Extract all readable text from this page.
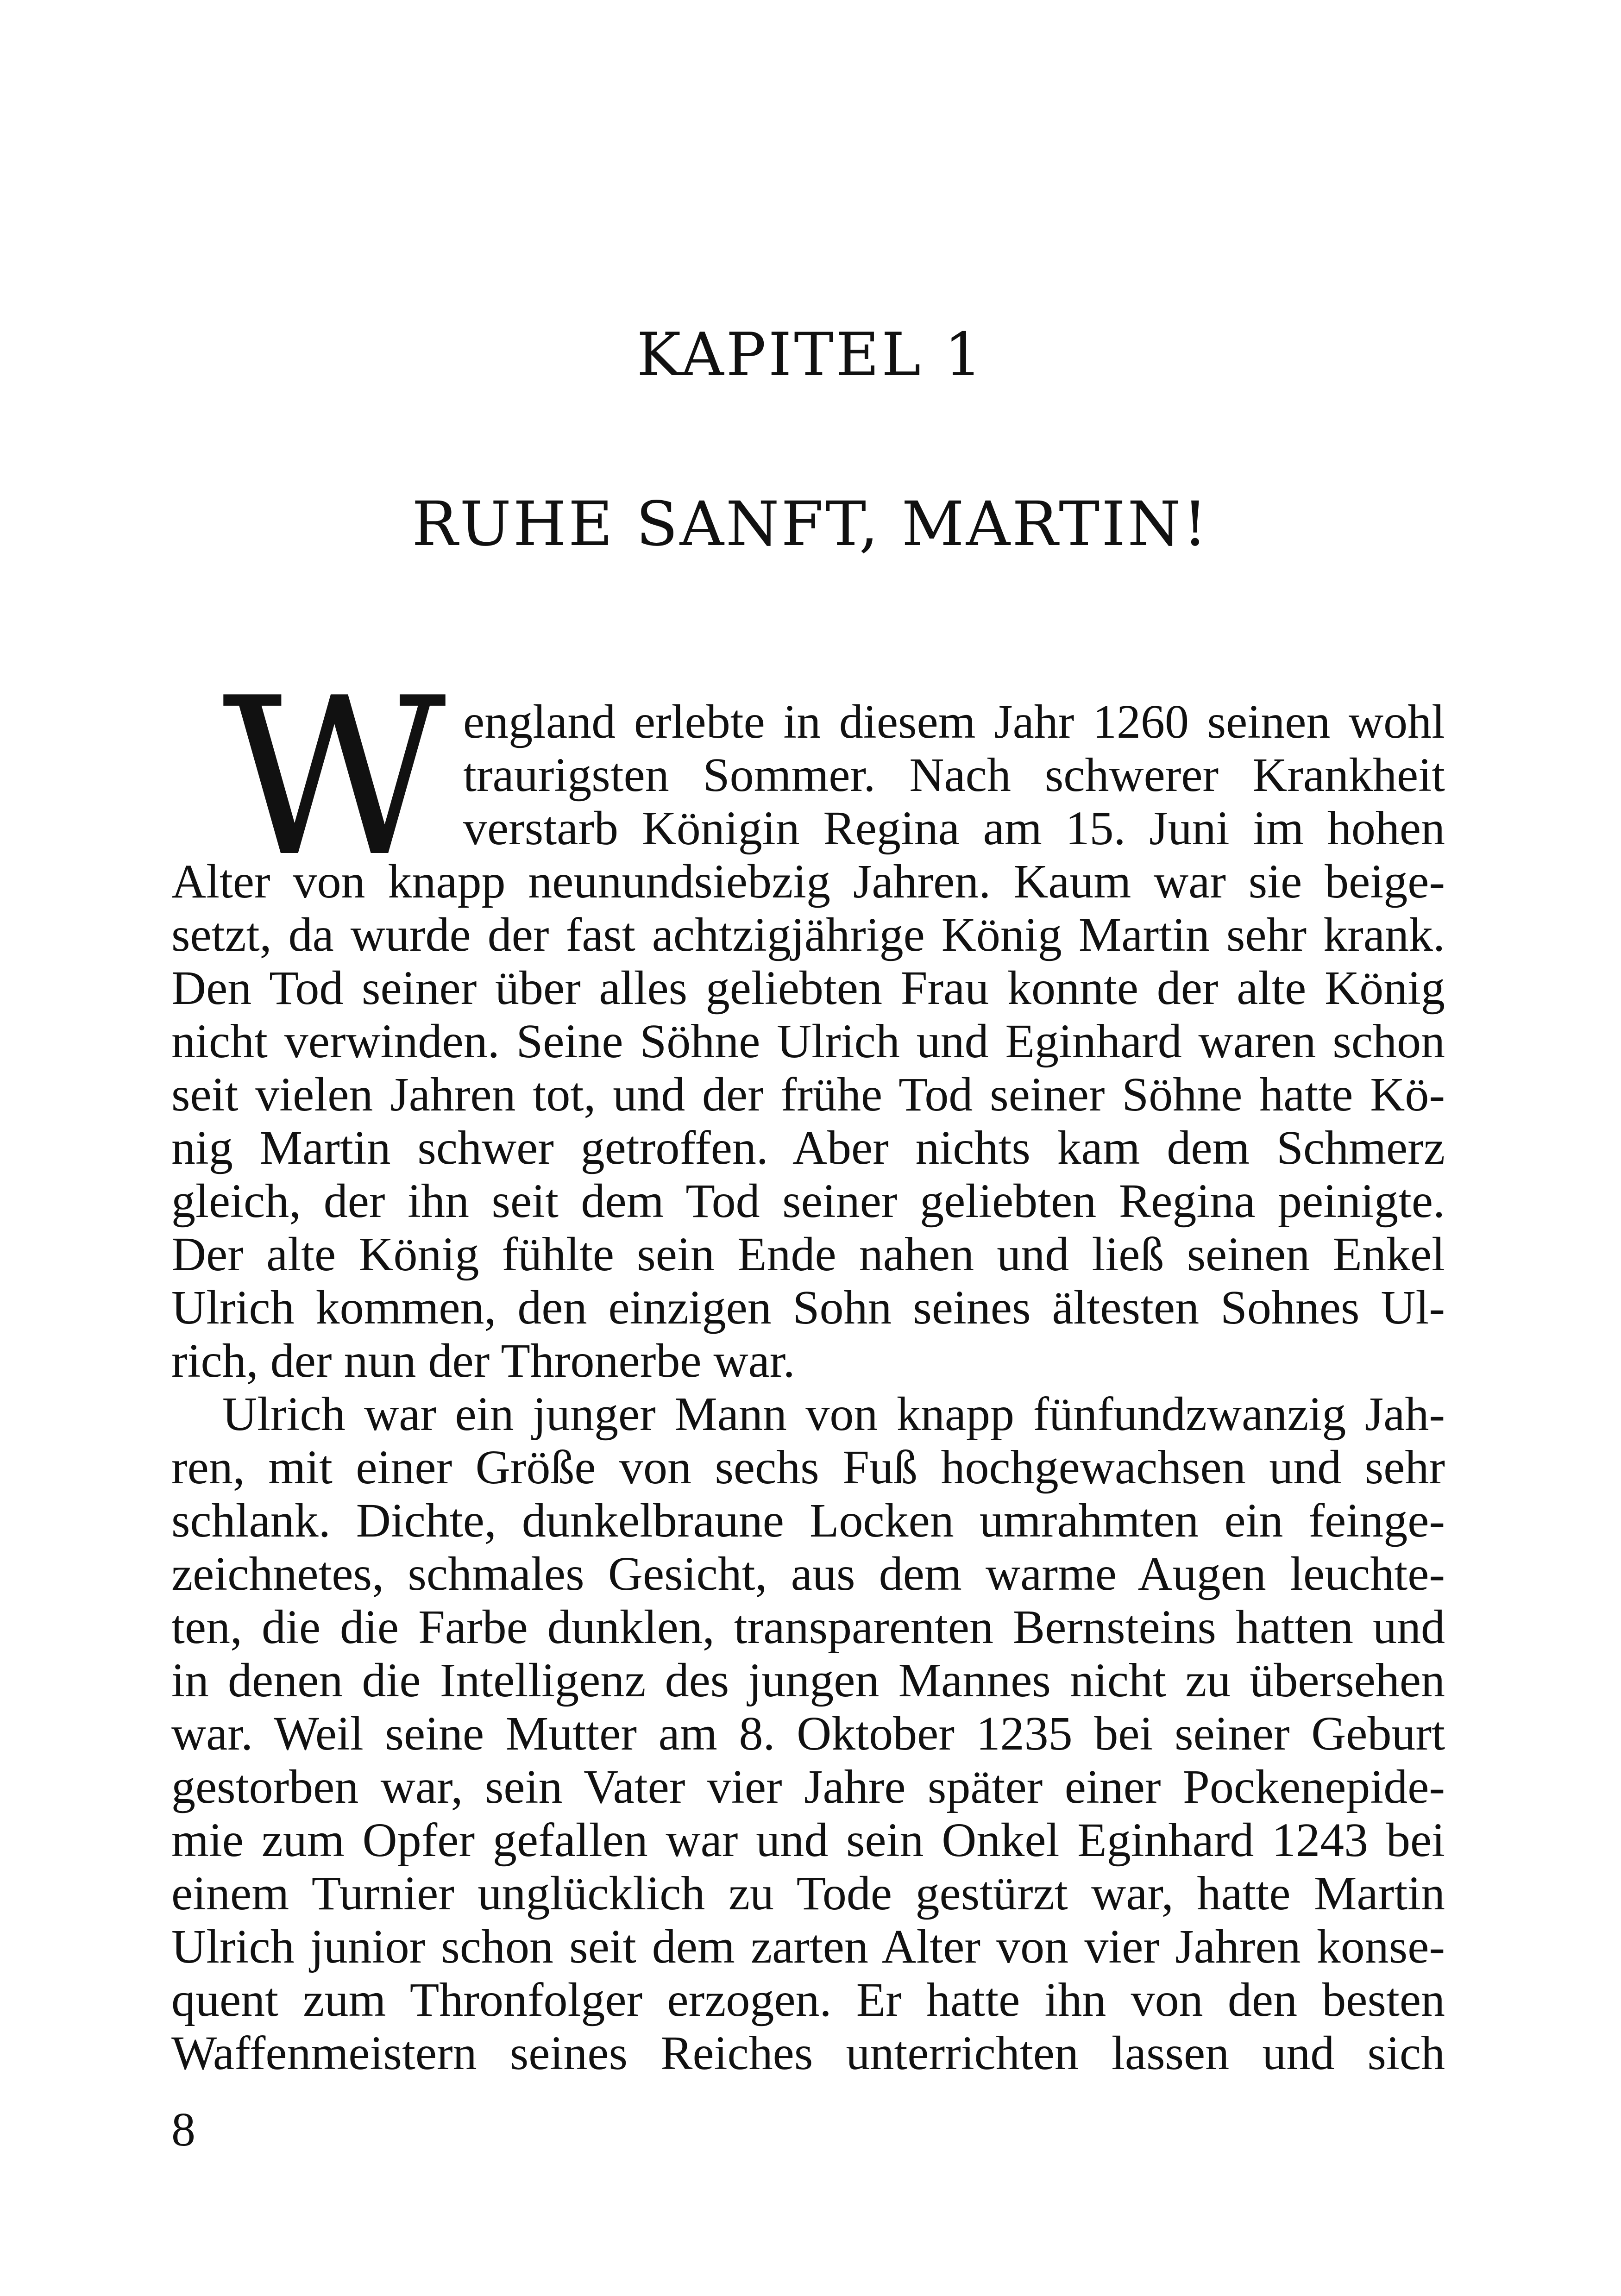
KAPITEL 1
RUHE SANFT, MARTIN!
W england erlebte in diesem Jahr 1260 seinen wohl
traurigsten Sommer. Nach schwerer Krankheit
verstarb Königin Regina am 15. Juni im hohen
Alter von knapp neunundsiebzig Jahren. Kaum war sie beige-
setzt, da wurde der fast achtzigjährige König Martin sehr krank.
Den Tod seiner über alles geliebten Frau konnte der alte König
nicht verwinden. Seine Söhne Ulrich und Eginhard waren schon
seit vielen Jahren tot, und der frühe Tod seiner Söhne hatte Kö-
nig Martin schwer getroffen. Aber nichts kam dem Schmerz
gleich, der ihn seit dem Tod seiner geliebten Regina peinigte.
Der alte König fühlte sein Ende nahen und ließ seinen Enkel
Ulrich kommen, den einzigen Sohn seines ältesten Sohnes Ul-
rich, der nun der Thronerbe war.
Ulrich war ein junger Mann von knapp fünfundzwanzig Jah-
ren, mit einer Größe von sechs Fuß hochgewachsen und sehr
schlank. Dichte, dunkelbraune Locken umrahmten ein feinge-
zeichnetes, schmales Gesicht, aus dem warme Augen leuchte-
ten, die die Farbe dunklen, transparenten Bernsteins hatten und
in denen die Intelligenz des jungen Mannes nicht zu übersehen
war. Weil seine Mutter am 8. Oktober 1235 bei seiner Geburt
gestorben war, sein Vater vier Jahre später einer Pockenepide-
mie zum Opfer gefallen war und sein Onkel Eginhard 1243 bei
einem Turnier unglücklich zu Tode gestürzt war, hatte Martin
Ulrich junior schon seit dem zarten Alter von vier Jahren konse-
quent zum Thronfolger erzogen. Er hatte ihn von den besten
Waffenmeistern seines Reiches unterrichten lassen und sich
8
